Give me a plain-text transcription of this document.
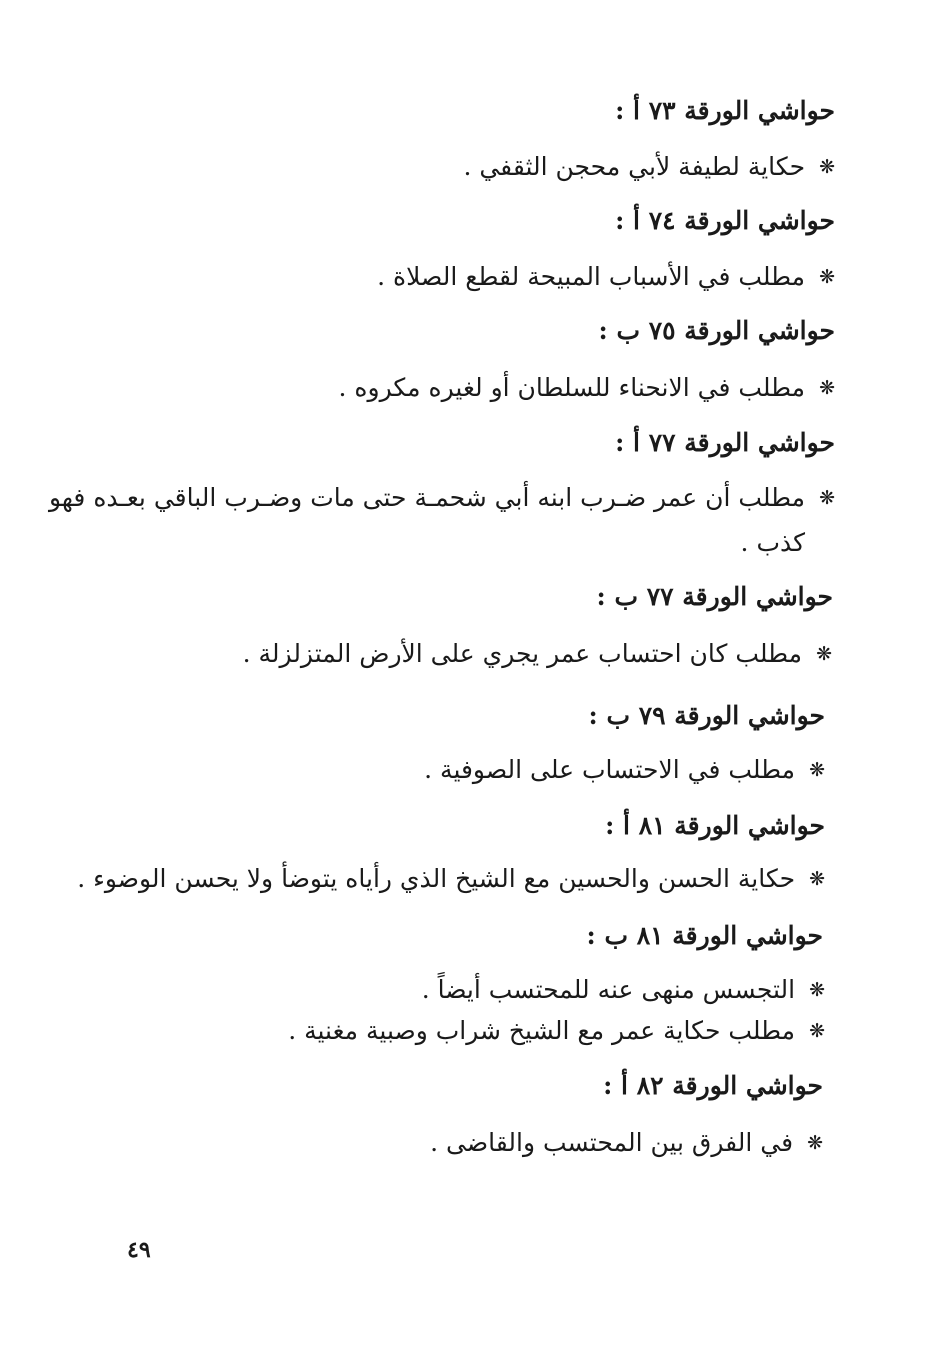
حواشي الورقة ٧٣ أ :
❋حكاية لطيفة لأبي محجن الثقفي .
حواشي الورقة ٧٤ أ :
❋مطلب في الأسباب المبيحة لقطع الصلاة .
حواشي الورقة ٧٥ ب :
❋مطلب في الانحناء للسلطان أو لغيره مكروه .
حواشي الورقة ٧٧ أ :
❋مطلب أن عمر ضـرب ابنه أبي شحمـة حتى مات وضـرب الباقي بعـده فهو
كذب .
حواشي الورقة ٧٧ ب :
❋مطلب كان احتساب عمر يجري على الأرض المتزلزلة .
حواشي الورقة ٧٩ ب :
❋مطلب في الاحتساب على الصوفية .
حواشي الورقة ٨١ أ :
❋حكاية الحسن والحسين مع الشيخ الذي رأياه يتوضأ ولا يحسن الوضوء .
حواشي الورقة ٨١ ب :
❋التجسس منهى عنه للمحتسب أيضاً .
❋مطلب حكاية عمر مع الشيخ شراب وصبية مغنية .
حواشي الورقة ٨٢ أ :
❋في الفرق بين المحتسب والقاضى .
٤٩
